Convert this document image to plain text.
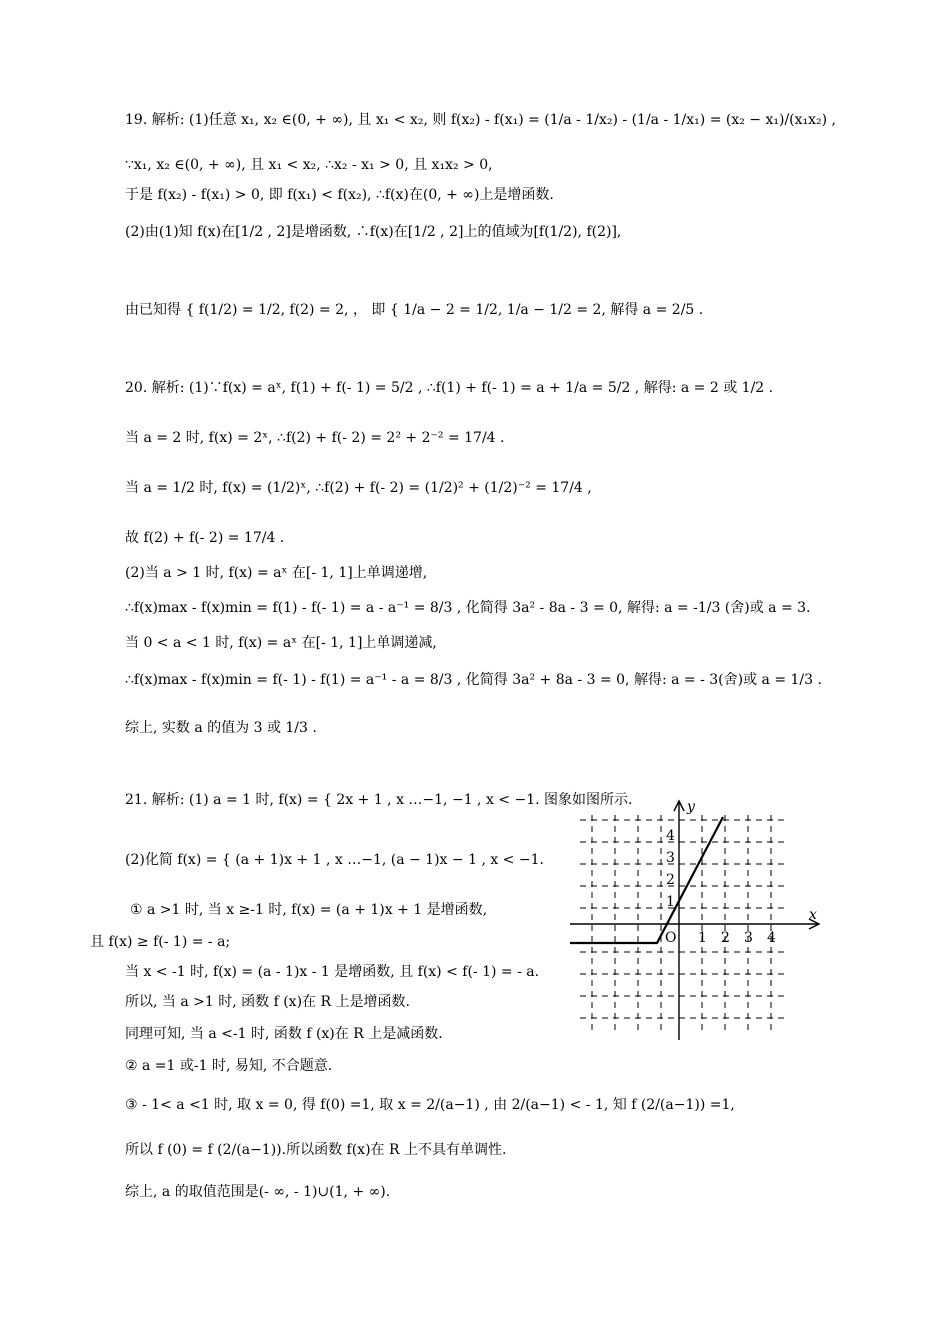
19. 解析: (1)任意 x₁, x₂ ∈(0, + ∞), 且 x₁ < x₂, 则 f(x₂) - f(x₁) = (1/a - 1/x₂) - (1/a - 1/x₁) = (x₂ − x₁)/(x₁x₂) ,
∵x₁, x₂ ∈(0, + ∞), 且 x₁ < x₂, ∴x₂ - x₁ > 0, 且 x₁x₂ > 0,
于是 f(x₂) - f(x₁) > 0, 即 f(x₁) < f(x₂), ∴f(x)在(0, + ∞)上是增函数.
(2)由(1)知 f(x)在[1/2 , 2]是增函数, ∴f(x)在[1/2 , 2]上的值域为[f(1/2), f(2)],
由已知得 { f(1/2) = 1/2, f(2) = 2, ， 即 { 1/a − 2 = 1/2, 1/a − 1/2 = 2, 解得 a = 2/5 .
20. 解析: (1)∵f(x) = aˣ, f(1) + f(- 1) = 5/2 , ∴f(1) + f(- 1) = a + 1/a = 5/2 , 解得: a = 2 或 1/2 .
当 a = 2 时, f(x) = 2ˣ, ∴f(2) + f(- 2) = 2² + 2⁻² = 17/4 .
当 a = 1/2 时, f(x) = (1/2)ˣ, ∴f(2) + f(- 2) = (1/2)² + (1/2)⁻² = 17/4 ,
故 f(2) + f(- 2) = 17/4 .
(2)当 a > 1 时, f(x) = aˣ 在[- 1, 1]上单调递增,
∴f(x)max - f(x)min = f(1) - f(- 1) = a - a⁻¹ = 8/3 , 化简得 3a² - 8a - 3 = 0, 解得: a = -1/3 (舍)或 a = 3.
当 0 < a < 1 时, f(x) = aˣ 在[- 1, 1]上单调递减,
∴f(x)max - f(x)min = f(- 1) - f(1) = a⁻¹ - a = 8/3 , 化简得 3a² + 8a - 3 = 0, 解得: a = - 3(舍)或 a = 1/3 .
综上, 实数 a 的值为 3 或 1/3 .
21. 解析: (1) a = 1 时, f(x) = { 2x + 1 , x …−1, −1 , x < −1. 图象如图所示.
(2)化简 f(x) = { (a + 1)x + 1 , x …−1, (a − 1)x − 1 , x < −1.
① a >1 时, 当 x ≥-1 时, f(x) = (a + 1)x + 1 是增函数,
且 f(x) ≥ f(- 1) = - a;
当 x < -1 时, f(x) = (a - 1)x - 1 是增函数, 且 f(x) < f(- 1) = - a.
所以, 当 a >1 时, 函数 f (x)在 R 上是增函数.
同理可知, 当 a <-1 时, 函数 f (x)在 R 上是减函数.
② a =1 或-1 时, 易知, 不合题意.
③ - 1< a <1 时, 取 x = 0, 得 f(0) =1, 取 x = 2/(a−1) , 由 2/(a−1) < - 1, 知 f (2/(a−1)) =1,
所以 f (0) = f (2/(a−1)).所以函数 f(x)在 R 上不具有单调性.
综上, a 的取值范围是(- ∞, - 1)∪(1, + ∞).
x
y
O 1 2 3 4
1
2
3
4
